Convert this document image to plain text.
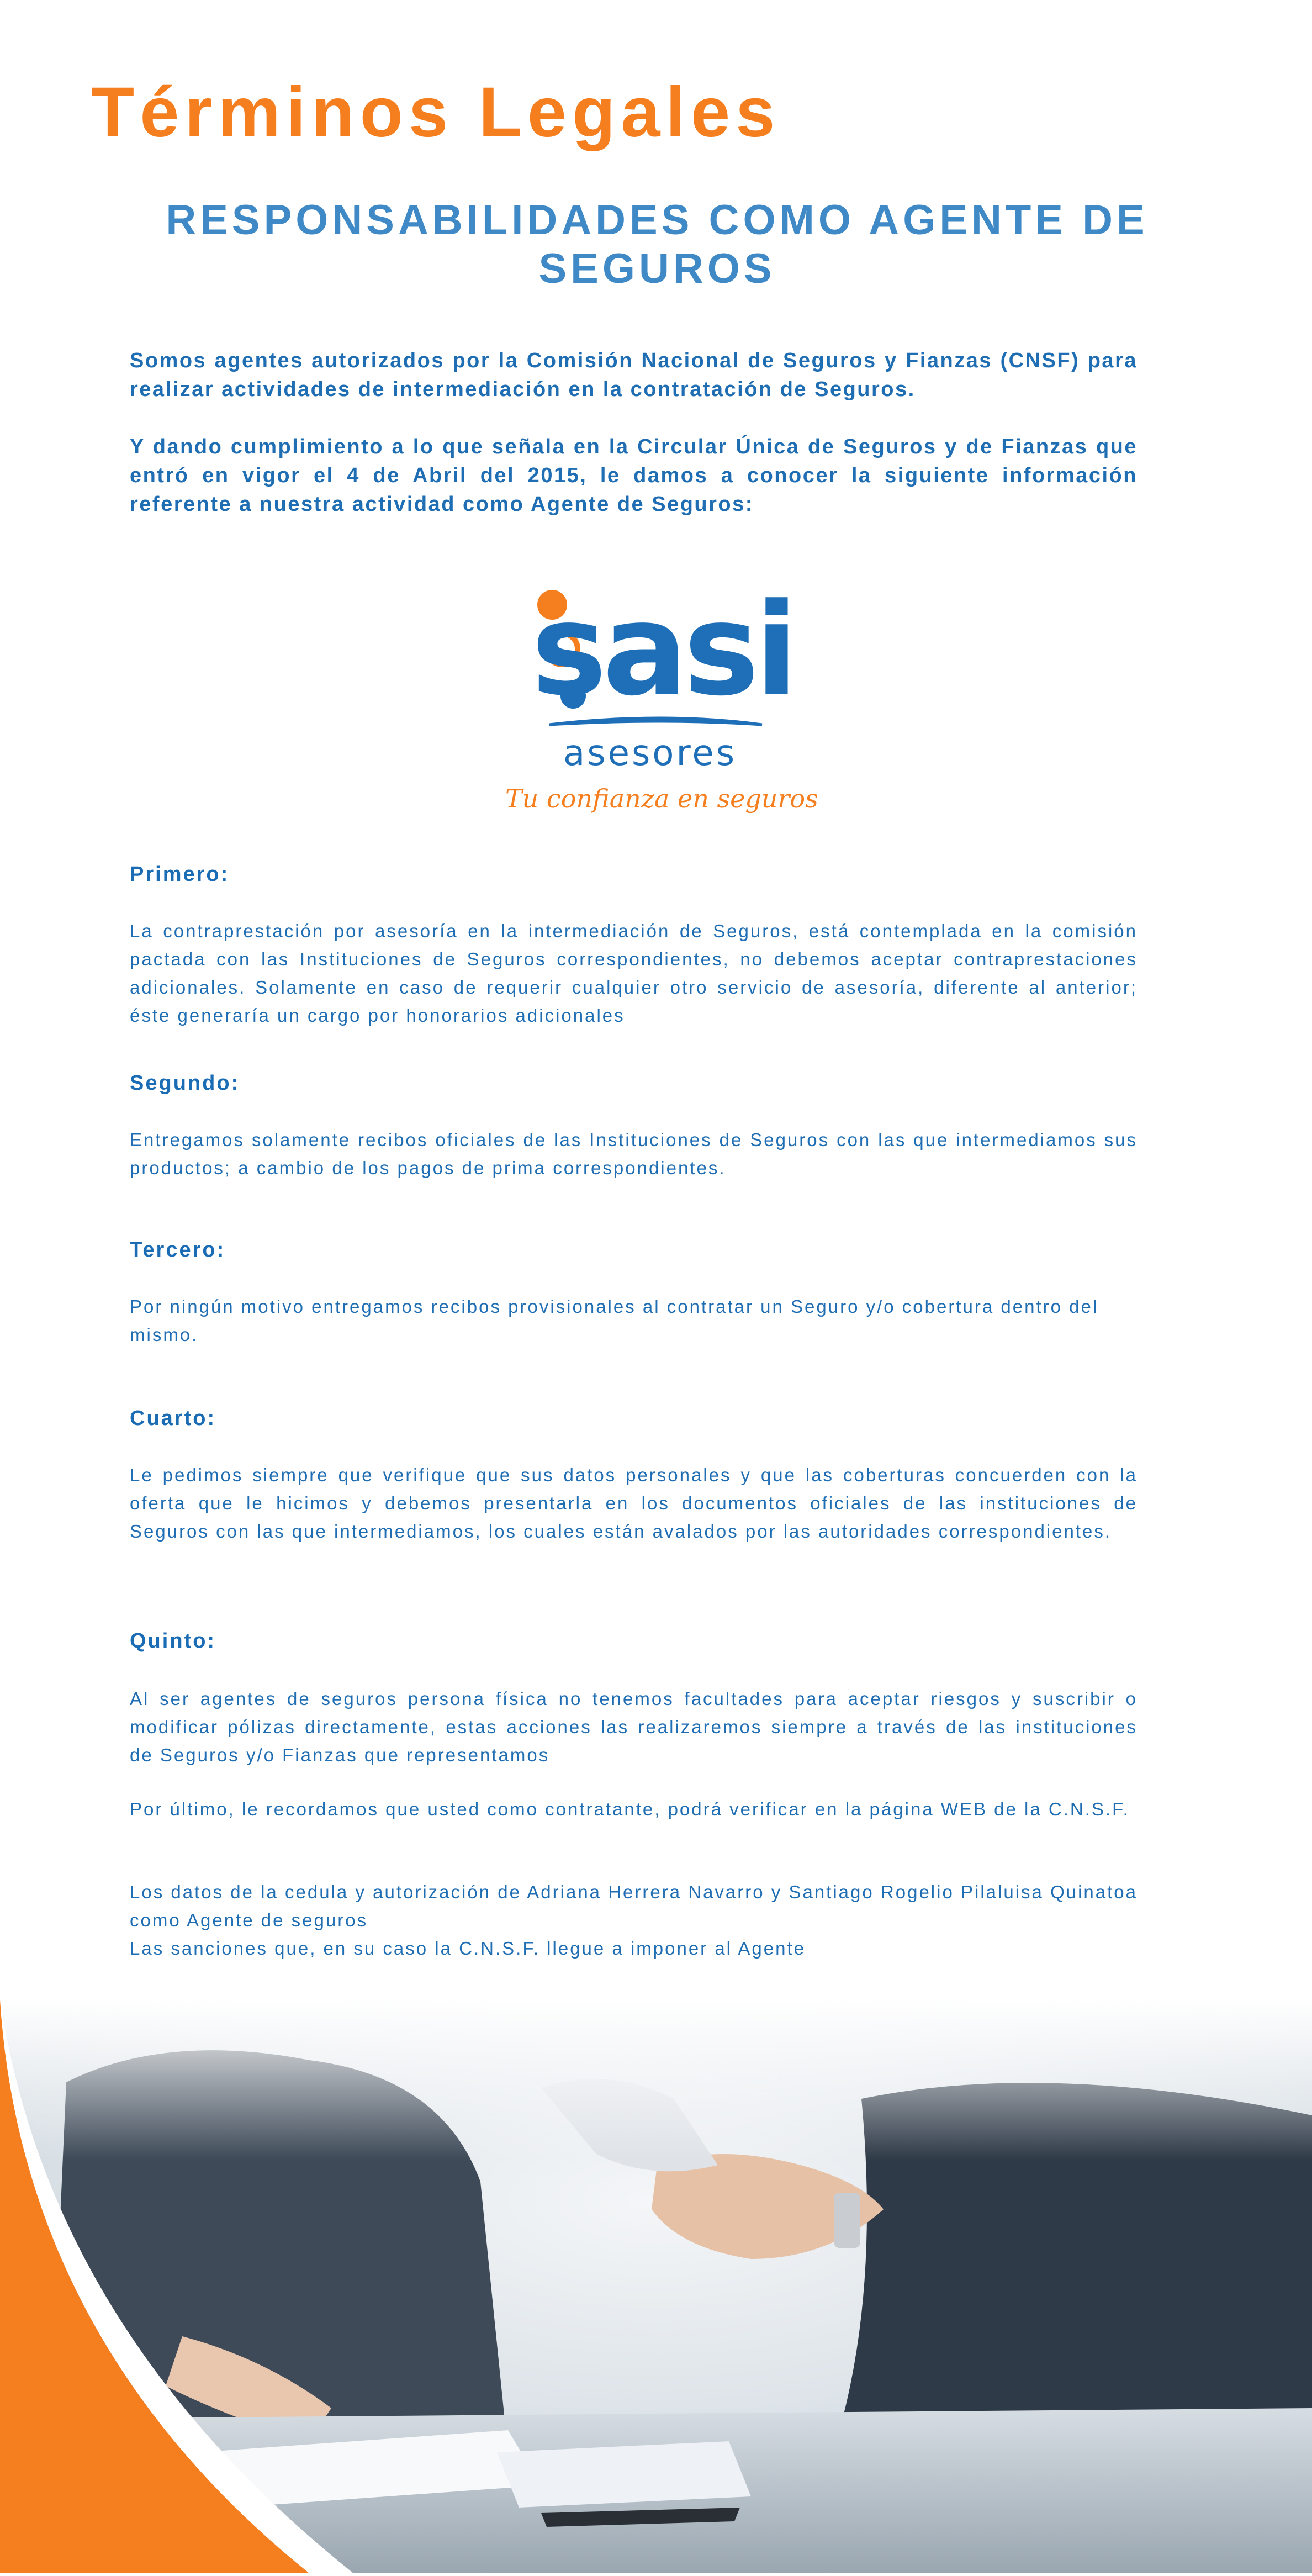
Términos Legales
RESPONSABILIDADES COMO AGENTE DE SEGUROS

Somos agentes autorizados por la Comisión Nacional de Seguros y Fianzas (CNSF) para realizar actividades de intermediación en la contratación de Seguros.

Y dando cumplimiento a lo que señala en la Circular Única de Seguros y de Fianzas que entró en vigor el 4 de Abril del 2015, le damos a conocer la siguiente información referente a nuestra actividad como Agente de Seguros:

sasi
asesores
Tu confianza en seguros
Primero:

La contraprestación por asesoría en la intermediación de Seguros, está contemplada en la comisión pactada con las Instituciones de Seguros correspondientes, no debemos aceptar contraprestaciones adicionales. Solamente en caso de requerir cualquier otro servicio de asesoría, diferente al anterior; éste generaría un cargo por honorarios adicionales

Segundo:

Entregamos solamente recibos oficiales de las Instituciones de Seguros con las que intermediamos sus productos; a cambio de los pagos de prima correspondientes.

Tercero:

Por ningún motivo entregamos recibos provisionales al contratar un Seguro y/o cobertura dentro del mismo.

Cuarto:

Le pedimos siempre que verifique que sus datos personales y que las coberturas concuerden con la oferta que le hicimos y debemos presentarla en los documentos oficiales de las instituciones de Seguros con las que intermediamos, los cuales están avalados por las autoridades correspondientes.

Quinto:

Al ser agentes de seguros persona física no tenemos facultades para aceptar riesgos y suscribir o modificar pólizas directamente, estas acciones las realizaremos siempre a través de las instituciones de Seguros y/o Fianzas que representamos

Por último, le recordamos que usted como contratante, podrá verificar en la página WEB de la C.N.S.F.

Los datos de la cedula y autorización de Adriana Herrera Navarro y Santiago Rogelio Pilaluisa Quinatoa como Agente de seguros

Las sanciones que, en su caso la C.N.S.F. llegue a imponer al Agente
